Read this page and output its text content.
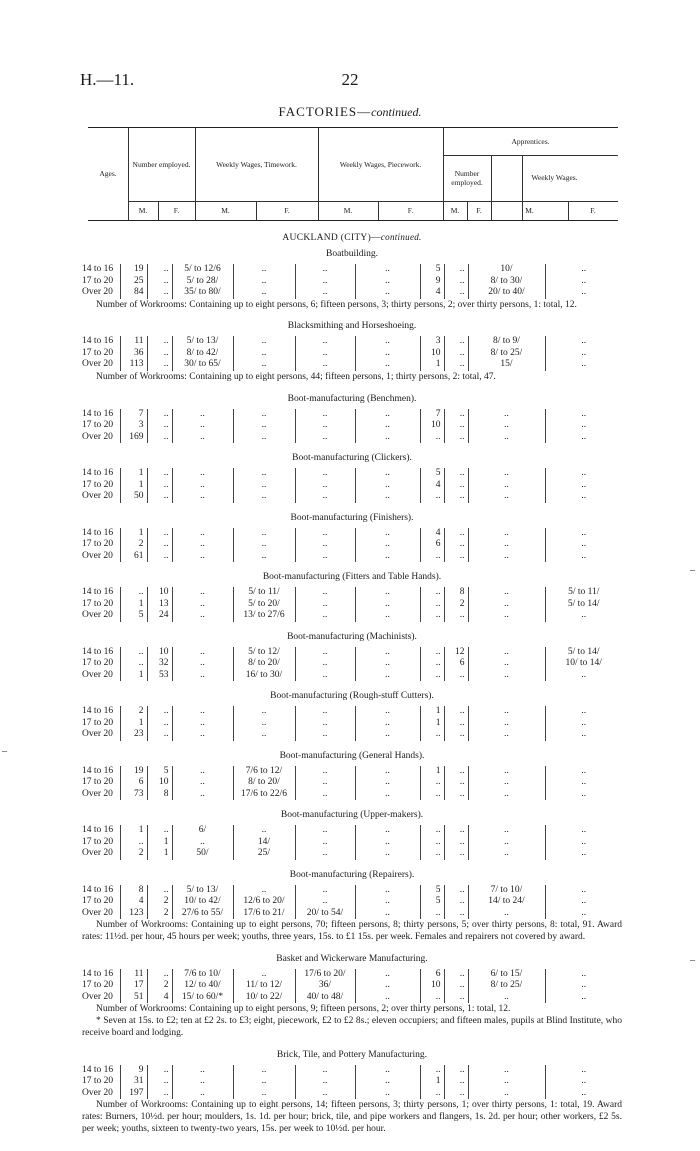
H.—11.	22
FACTORIES—continued.
Ages.
Number employed.	Weekly Wages, Timework.	Weekly Wages, Piecework.
Apprentices.
Number employed.
Weekly Wages.
M.	F.	M.	F.	M.	F.	M.	F.	M.	F.
AUCKLAND (CITY)—continued.
Boatbuilding.
14 to 16	19	..	5/ to 12/6	..	..	..	5	..	10/	..
17 to 20	25	..	5/ to 28/	..	..	..	9	..	8/ to 30/	..
Over 20	84	..	35/ to 80/	..	..	..	4	..	20/ to 40/	..

Number of Workrooms: Containing up to eight persons, 6; fifteen persons, 3; thirty persons, 2; over thirty persons, 1: total, 12.

Blacksmithing and Horseshoeing.
14 to 16	11	..	5/ to 13/	..	..	..	3	..	8/ to 9/	..
17 to 20	36	..	8/ to 42/	..	..	..	10	..	8/ to 25/	..
Over 20	113	..	30/ to 65/	..	..	..	1	..	15/	..

Number of Workrooms: Containing up to eight persons, 44; fifteen persons, 1; thirty persons, 2: total, 47.

Boot-manufacturing (Benchmen).
14 to 16	7	..	..	..	..	..	7	..	..	..
17 to 20	3	..	..	..	..	..	10	..	..	..
Over 20	169	..	..	..	..	..	..	..	..	..
Boot-manufacturing (Clickers).
14 to 16	1	..	..	..	..	..	5	..	..	..
17 to 20	1	..	..	..	..	..	4	..	..	..
Over 20	50	..	..	..	..	..	..	..	..	..
Boot-manufacturing (Finishers).
14 to 16	1	..	..	..	..	..	4	..	..	..
17 to 20	2	..	..	..	..	..	6	..	..	..
Over 20	61	..	..	..	..	..	..	..	..	..
Boot-manufacturing (Fitters and Table Hands).
14 to 16	..	10	..	5/ to 11/	..	..	..	8	..	5/ to 11/
17 to 20	1	13	..	5/ to 20/	..	..	..	2	..	5/ to 14/
Over 20	5	24	..	13/ to 27/6	..	..	..	..	..	..
Boot-manufacturing (Machinists).
14 to 16	..	10	..	5/ to 12/	..	..	..	12	..	5/ to 14/
17 to 20	..	32	..	8/ to 20/	..	..	..	6	..	10/ to 14/
Over 20	1	53	..	16/ to 30/	..	..	..	..	..	..
Boot-manufacturing (Rough-stuff Cutters).
14 to 16	2	..	..	..	..	..	1	..	..	..
17 to 20	1	..	..	..	..	..	1	..	..	..
Over 20	23	..	..	..	..	..	..	..	..	..
Boot-manufacturing (General Hands).
14 to 16	19	5	..	7/6 to 12/	..	..	1	..	..	..
17 to 20	6	10	..	8/ to 20/	..	..	..	..	..	..
Over 20	73	8	..	17/6 to 22/6	..	..	..	..	..	..
Boot-manufacturing (Upper-makers).
14 to 16	1	..	6/	..	..	..	..	..	..	..
17 to 20	..	1	..	14/	..	..	..	..	..	..
Over 20	2	1	50/	25/	..	..	..	..	..	..
Boot-manufacturing (Repairers).
14 to 16	8	..	5/ to 13/	..	..	..	5	..	7/ to 10/	..
17 to 20	4	2	10/ to 42/	12/6 to 20/	..	..	5	..	14/ to 24/	..
Over 20	123	2	27/6 to 55/	17/6 to 21/	20/ to 54/	..	..	..	..	..

Number of Workrooms: Containing up to eight persons, 70; fifteen persons, 8; thirty persons, 5; over thirty persons, 8: total, 91. Award rates: 11½d. per hour, 45 hours per week; youths, three years, 15s. to £1 15s. per week. Females and repairers not covered by award.

Basket and Wickerware Manufacturing.
14 to 16	11	..	7/6 to 10/	..	17/6 to 20/	..	6	..	6/ to 15/	..
17 to 20	17	2	12/ to 40/	11/ to 12/	36/	..	10	..	8/ to 25/	..
Over 20	51	4	15/ to 60/*	10/ to 22/	40/ to 48/	..	..	..	..	..

Number of Workrooms: Containing up to eight persons, 9; fifteen persons, 2; over thirty persons, 1: total, 12.

* Seven at 15s. to £2; ten at £2 2s. to £3; eight, piecework, £2 to £2 8s.; eleven occupiers; and fifteen males, pupils at Blind Institute, who receive board and lodging.

Brick, Tile, and Pottery Manufacturing.
14 to 16	9	..	..	..	..	..	..	..	..	..
17 to 20	31	..	..	..	..	..	1	..	..	..
Over 20	197	..	..	..	..	..	..	..	..	..

Number of Workrooms: Containing up to eight persons, 14; fifteen persons, 3; thirty persons, 1; over thirty persons, 1: total, 19. Award rates: Burners, 10½d. per hour; moulders, 1s. 1d. per hour; brick, tile, and pipe workers and flangers, 1s. 2d. per hour; other workers, £2 5s. per week; youths, sixteen to twenty-two years, 15s. per week to 10½d. per hour.

–
–
–
